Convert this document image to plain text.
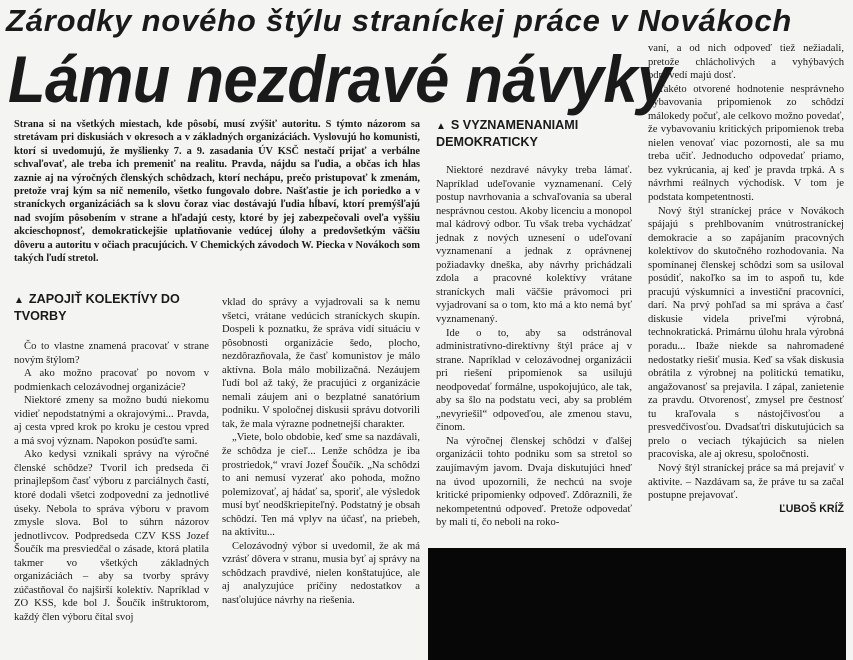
Zárodky nového štýlu straníckej práce v Novákoch
Lámu nezdravé návyky
Strana si na všetkých miestach, kde pôsobí, musí zvýšiť autoritu. S týmto názorom sa stretávam pri diskusiách v okresoch a v základných organizáciách. Vyslovujú ho komunisti, ktorí si uvedomujú, že myšlienky 7. a 9. zasadania ÚV KSČ nestačí prijať a verbálne schvaľovať, ale treba ich premeniť na realitu. Pravda, nájdu sa ľudia, a občas ich hlas zaznie aj na výročných členských schôdzach, ktorí nechápu, prečo pristupovať k zmenám, pretože vraj kým sa nič nemenilo, všetko fungovalo dobre. Našťastie je ich poriedko a v straníckych organizáciách sa k slovu čoraz viac dostávajú ľudia hĺbaví, ktorí premýšľajú nad svojím pôsobením v strane a hľadajú cesty, ktoré by jej zabezpečovali oveľa vyššiu akcieschopnosť, demokratickejšie uplatňovanie vedúcej úlohy a predovšetkým väčšiu dôveru a autoritu v očiach pracujúcich. V Chemických závodoch W. Piecka v Novákoch som takých ľudí stretol.
▲ ZAPOJIŤ KOLEKTÍVY DO TVORBY

Čo to vlastne znamená pracovať v strane novým štýlom?

A ako možno pracovať po novom v podmienkach celozávodnej organizácie?

Niektoré zmeny sa možno budú niekomu vidieť nepodstatnými a okrajovými... Pravda, aj cesta vpred krok po kroku je cestou vpred a má svoj význam. Napokon posúďte sami.

Ako kedysi vznikali správy na výročné členské schôdze? Tvoril ich predseda či prinajlepšom časť výboru z parciálnych častí, ktoré dodali všetci zodpovední za jednotlivé úseky. Nebola to správa výboru v pravom zmysle slova. Bol to súhrn názorov jednotlivcov. Podpredseda CZV KSS Jozef Šoučík ma presviedčal o zásade, ktorá platila takmer vo všetkých základných organizáciách – aby sa tvorby správy zúčastňoval čo najširší kolektív. Napríklad v ZO KSS, kde bol J. Šoučík inštruktorom, každý člen výboru čítal svoj

vklad do správy a vyjadrovali sa k nemu všetci, vrátane vedúcich straníckych skupín. Dospeli k poznatku, že správa vidí situáciu v pôsobnosti organizácie šedo, plocho, nezdôrazňovala, že časť komunistov je málo aktívna. Bola málo mobilizačná. Nezáujem ľudí bol až taký, že pracujúci z organizácie nemali záujem ani o bezplatné sanatórium podniku. V spoločnej diskusii správu dotvorili tak, že mala výrazne podnetnejší charakter.

„Viete, bolo obdobie, keď sme sa nazdávali, že schôdza je cieľ... Lenže schôdza je iba prostriedok,“ vraví Jozef Šoučík. „Na schôdzi to ani nemusí vyzerať ako pohoda, možno polemizovať, aj hádať sa, sporiť, ale výsledok musí byť neodškriepiteľný. Podstatný je obsah schôdzí. Ten má vplyv na účasť, na priebeh, na aktivitu...

Celozávodný výbor si uvedomil, že ak má vzrásť dôvera v stranu, musia byť aj správy na schôdzach pravdivé, nielen konštatujúce, ale aj analyzujúce príčiny nedostatkov a nasťolujúce návrhy na riešenia.

▲ S VYZNAMENANIAMI DEMOKRATICKY

Niektoré nezdravé návyky treba lámať. Napríklad udeľovanie vyznamenaní. Celý postup navrhovania a schvaľovania sa uberal nesprávnou cestou. Akoby licenciu a monopol mal kádrový odbor. Tu však treba vychádzať jednak z nových uznesení o udeľovaní vyznamenaní a jednak z oprávnenej požiadavky dneška, aby návrhy prichádzali zdola a pracovné kolektívy vrátane straníckych mali väčšie právomoci pri vyjadrovaní sa o tom, kto má a kto nemá byť vyznamenaný.

Ide o to, aby sa odstránoval administratívno-direktívny štýl práce aj v strane. Napríklad v celozávodnej organizácii pri riešení pripomienok sa usilujú neodpovedať formálne, uspokojujúco, ale tak, aby sa šlo na podstatu veci, aby sa problém „nevyriešil“ odpoveďou, ale zmenou stavu, činom.

Na výročnej členskej schôdzi v ďalšej organizácii tohto podniku som sa stretol so zaujímavým javom. Dvaja diskutujúci hneď na úvod upozornili, že nechcú na svoje kritické pripomienky odpoveď. Zdôraznili, že nekompetentnú odpoveď. Pretože odpovedať by mali tí, čo neboli na roko-

vaní, a od nich odpoveď tiež nežiadali, pretože chlácholivých a vyhýbavých odpovedí majú dosť.

Takéto otvorené hodnotenie nesprávneho vybavovania pripomienok zo schôdzí málokedy počuť, ale celkovo možno povedať, že vybavovaniu kritických pripomienok treba nielen venovať viac pozornosti, ale sa mu treba učiť. Jednoducho odpovedať priamo, bez vykrúcania, aj keď je pravda trpká. A s návrhmi reálnych východísk. V tom je podstata kompetentnosti.

Nový štýl straníckej práce v Novákoch spájajú s prehlbovaním vnútrostraníckej demokracie a so zapájaním pracovných kolektívov do skutočného rozhodovania. Na spomínanej členskej schôdzi som sa usiloval posúdiť, nakoľko sa im to aspoň tu, kde pracujú výskumníci a investiční pracovníci, darí. Na prvý pohľad sa mi správa a časť diskusie videla priveľmi výrobná, technokratická. Primárnu úlohu hrala výrobná poradu... Ibaže niekde sa nahromadené nedostatky riešiť musia. Keď sa však diskusia obrátila z výrobnej na politickú tematiku, angažovanosť sa prejavila. I zápal, zanietenie za pravdu. Otvorenosť, zmysel pre čestnosť tu kraľovala s nástojčivosťou a presvedčivosťou. Dvadsaťtri diskutujúcich sa prelo o veciach týkajúcich sa nielen pracoviska, ale aj okresu, spoločnosti.

Nový štýl straníckej práce sa má prejaviť v aktivite. – Nazdávam sa, že práve tu sa začal postupne prejavovať.

ĽUBOŠ KRÍŽ
